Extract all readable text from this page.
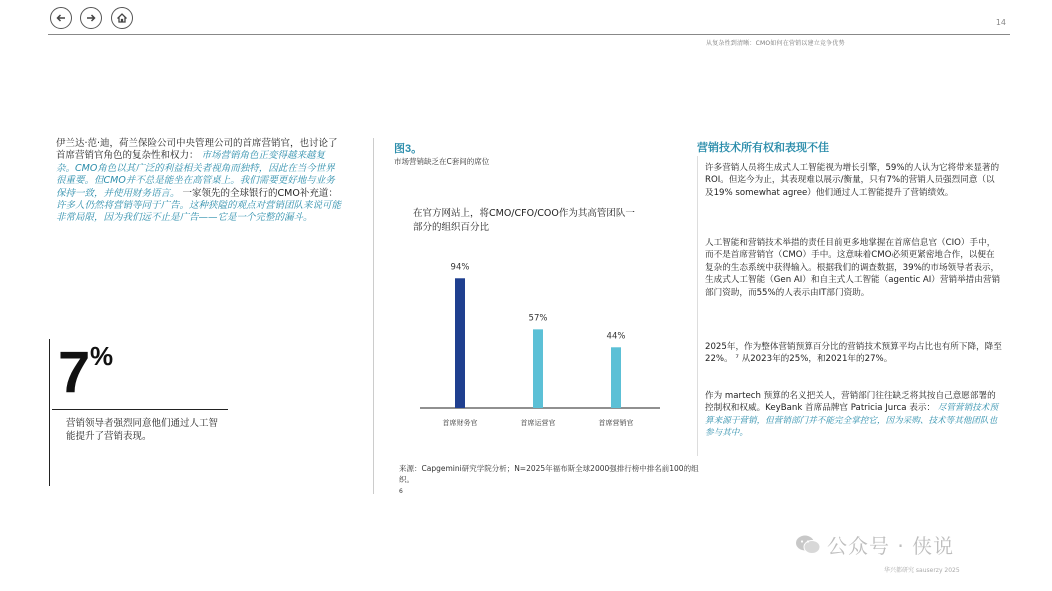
14
从复杂性到清晰：CMO如何在营销以建立竞争优势
伊兰达·范·迪，荷兰保险公司中央管理公司的首席营销官，也讨论了首席营销官角色的复杂性和权力： 市场营销角色正变得越来越复杂。CMO角色以其广泛的利益相关者视角而独特，因此在当今世界很重要。但CMO并不总是能坐在高管桌上。我们需要更好地与业务保持一致，并使用财务语言。 一家领先的全球银行的CMO补充道： 许多人仍然将营销等同于广告。这种狭隘的观点对营销团队来说可能非常局限，因为我们远不止是广告——它是一个完整的漏斗。
7 %
营销领导者强烈同意他们通过人工智能提升了营销表现。
图3。
市场营销缺乏在C套间的席位
在官方网站上，将CMO/CFO/COO作为其高管团队一部分的组织百分比
94%
首席财务官
57%
首席运营官
44%
首席营销官
来源：Capgemini研究学院分析；N=2025年福布斯全球2000强排行榜中排名前100的组织。
6
营销技术所有权和表现不佳
许多营销人员将生成式人工智能视为增长引擎，59%的人认为它将带来显著的ROI。但迄今为止，其表现难以展示/衡量，只有7%的营销人员强烈同意（以及19% somewhat agree）他们通过人工智能提升了营销绩效。
人工智能和营销技术举措的责任目前更多地掌握在首席信息官（CIO）手中，而不是首席营销官（CMO）手中。这意味着CMO必须更紧密地合作，以便在复杂的生态系统中获得输入。根据我们的调查数据，39%的市场领导者表示，生成式人工智能（Gen AI）和自主式人工智能（agentic AI）营销举措由营销部门资助，而55%的人表示由IT部门资助。
2025年，作为整体营销预算百分比的营销技术预算平均占比也有所下降，降至22%。 ⁷ 从2023年的25%，和2021年的27%。
作为 martech 预算的名义把关人，营销部门往往缺乏将其按自己意愿部署的控制权和权威。KeyBank 首席品牌官 Patricia Jurca 表示： 尽管营销技术预算来源于营销，但营销部门并不能完全掌控它，因为采购、技术等其他团队也参与其中。
公众号 · 侠说
华兴都研究 sauserzy 2025
